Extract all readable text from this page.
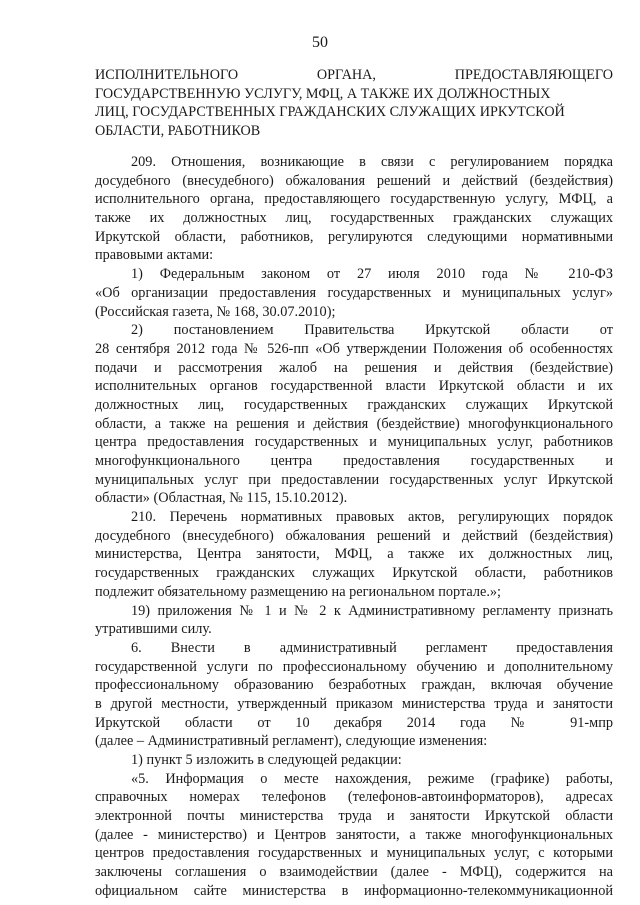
50
ИСПОЛНИТЕЛЬНОГО ОРГАНА, ПРЕДОСТАВЛЯЮЩЕГО
ГОСУДАРСТВЕННУЮ УСЛУГУ, МФЦ, А ТАКЖЕ ИХ ДОЛЖНОСТНЫХ
ЛИЦ, ГОСУДАРСТВЕННЫХ ГРАЖДАНСКИХ СЛУЖАЩИХ ИРКУТСКОЙ
ОБЛАСТИ, РАБОТНИКОВ
209. Отношения, возникающие в связи с регулированием порядка
досудебного (внесудебного) обжалования решений и действий (бездействия)
исполнительного органа, предоставляющего государственную услугу, МФЦ, а
также их должностных лиц, государственных гражданских служащих
Иркутской области, работников, регулируются следующими нормативными
правовыми актами:
1) Федеральным законом от 27 июля 2010 года № 210-ФЗ
«Об организации предоставления государственных и муниципальных услуг»
(Российская газета, № 168, 30.07.2010);
2) постановлением Правительства Иркутской области от
28 сентября 2012 года № 526-пп «Об утверждении Положения об особенностях
подачи и рассмотрения жалоб на решения и действия (бездействие)
исполнительных органов государственной власти Иркутской области и их
должностных лиц, государственных гражданских служащих Иркутской
области, а также на решения и действия (бездействие) многофункционального
центра предоставления государственных и муниципальных услуг, работников
многофункционального центра предоставления государственных и
муниципальных услуг при предоставлении государственных услуг Иркутской
области» (Областная, № 115, 15.10.2012).
210. Перечень нормативных правовых актов, регулирующих порядок
досудебного (внесудебного) обжалования решений и действий (бездействия)
министерства, Центра занятости, МФЦ, а также их должностных лиц,
государственных гражданских служащих Иркутской области, работников
подлежит обязательному размещению на региональном портале.»;
19) приложения № 1 и № 2 к Административному регламенту признать
утратившими силу.
6. Внести в административный регламент предоставления
государственной услуги по профессиональному обучению и дополнительному
профессиональному образованию безработных граждан, включая обучение
в другой местности, утвержденный приказом министерства труда и занятости
Иркутской области от 10 декабря 2014 года № 91-мпр
(далее – Административный регламент), следующие изменения:
1) пункт 5 изложить в следующей редакции:
«5. Информация о месте нахождения, режиме (графике) работы,
справочных номерах телефонов (телефонов-автоинформаторов), адресах
электронной почты министерства труда и занятости Иркутской области
(далее - министерство) и Центров занятости, а также многофункциональных
центров предоставления государственных и муниципальных услуг, с которыми
заключены соглашения о взаимодействии (далее - МФЦ), содержится на
официальном сайте министерства в информационно-телекоммуникационной
